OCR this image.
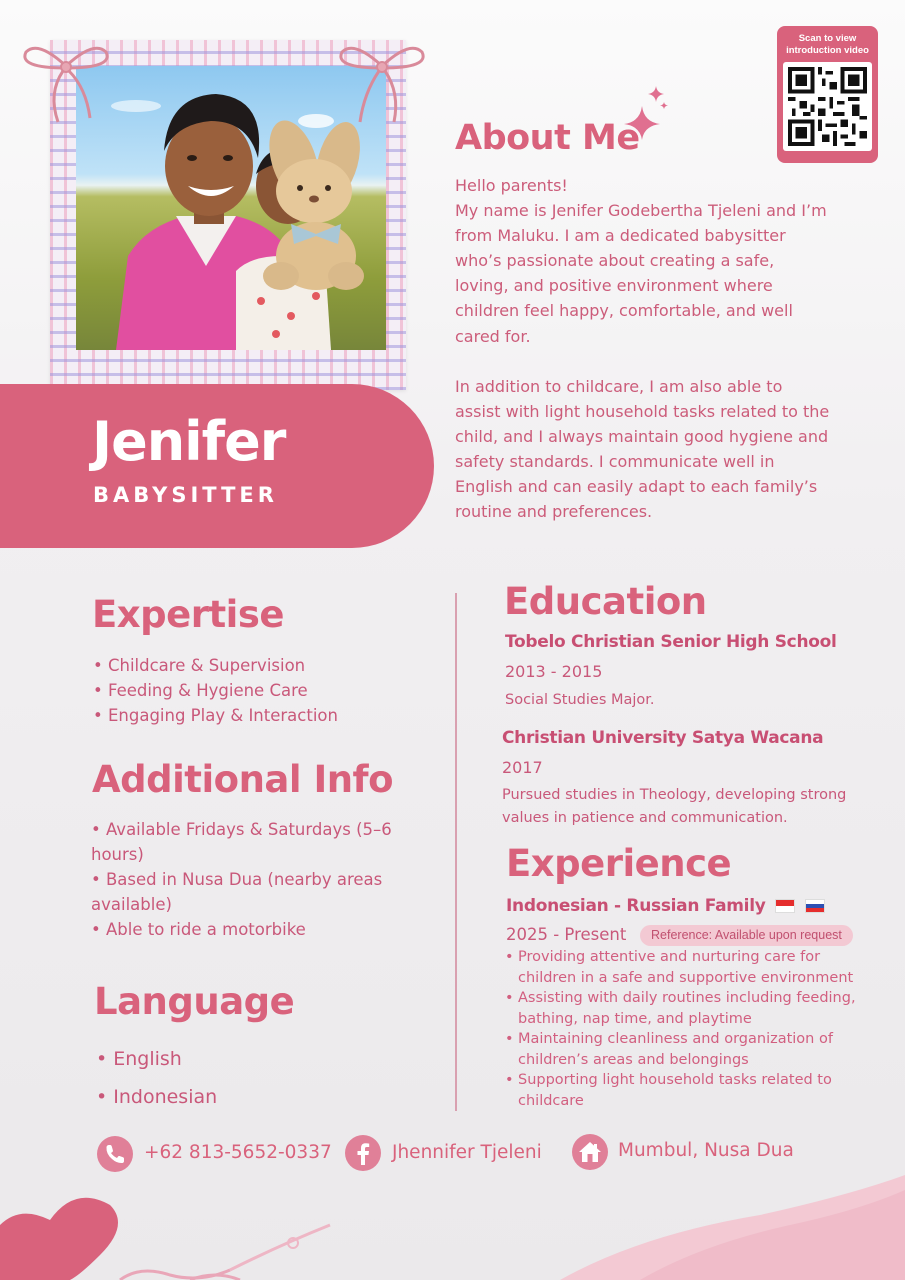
Jenifer
BABYSITTER
Scan to view introduction video
About Me

Hello parents!

My name is Jenifer Godebertha Tjeleni and I’m

from Maluku. I am a dedicated babysitter

who’s passionate about creating a safe,

loving, and positive environment where

children feel happy, comfortable, and well

cared for.

In addition to childcare, I am also able to

assist with light household tasks related to the

child, and I always maintain good hygiene and

safety standards. I communicate well in

English and can easily adapt to each family’s

routine and preferences.

Expertise
• Childcare & Supervision
• Feeding & Hygiene Care
• Engaging Play & Interaction
Additional Info
• Available Fridays & Saturdays (5–6 hours)
• Based in Nusa Dua (nearby areas available)
• Able to ride a motorbike
Language
• English
• Indonesian
Education
Tobelo Christian Senior High School
2013 - 2015
Social Studies Major.
Christian University Satya Wacana
2017
Pursued studies in Theology, developing strong values in patience and communication.
Experience
Indonesian - Russian Family
2025 - Present	Reference: Available upon request
• Providing attentive and nurturing care for children in a safe and supportive environment
• Assisting with daily routines including feeding, bathing, nap time, and playtime
• Maintaining cleanliness and organization of children’s areas and belongings
• Supporting light household tasks related to childcare
+62 813-5652-0337	Jhennifer Tjeleni	Mumbul, Nusa Dua
